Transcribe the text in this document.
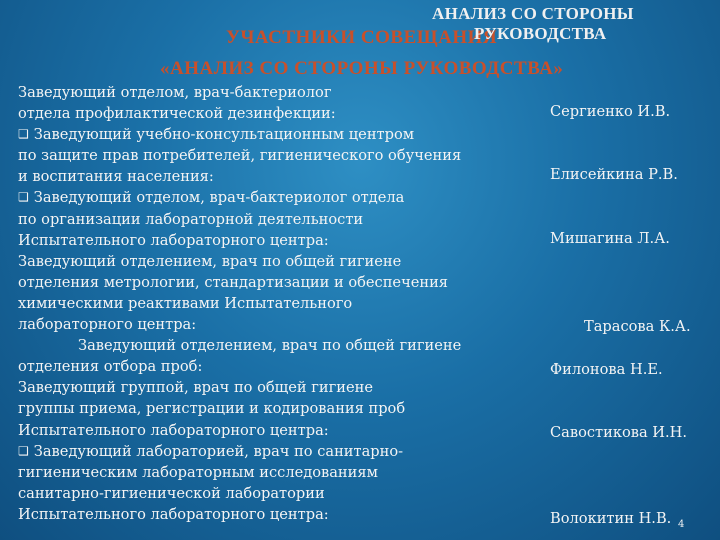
УЧАСТНИКИ СОВЕЩАНИЯ
АНАЛИЗ СО СТОРОНЫ
РУКОВОДСТВА
«АНАЛИЗ СО СТОРОНЫ РУКОВОДСТВА»
Заведующий отделом, врач-бактериолог
отдела профилактической дезинфекции:
❑ Заведующий учебно-консультационным центром
по защите прав потребителей, гигиенического обучения
и воспитания населения:
❑ Заведующий отделом, врач-бактериолог отдела
по организации лабораторной деятельности
Испытательного лабораторного центра:
Заведующий отделением, врач по общей гигиене
отделения метрологии, стандартизации и обеспечения
химическими реактивами Испытательного
лабораторного центра:
Заведующий отделением, врач по общей гигиене
отделения отбора проб:
Заведующий группой, врач по общей гигиене
группы приема, регистрации и кодирования проб
Испытательного лабораторного центра:
❑ Заведующий лабораторией, врач по санитарно-
гигиеническим лабораторным исследованиям
санитарно-гигиенической лаборатории
Испытательного лабораторного центра:
Сергиенко И.В.
Елисейкина Р.В.
Мишагина Л.А.
Тарасова К.А.
Филонова Н.Е.
Савостикова И.Н.
Волокитин Н.В. 4
